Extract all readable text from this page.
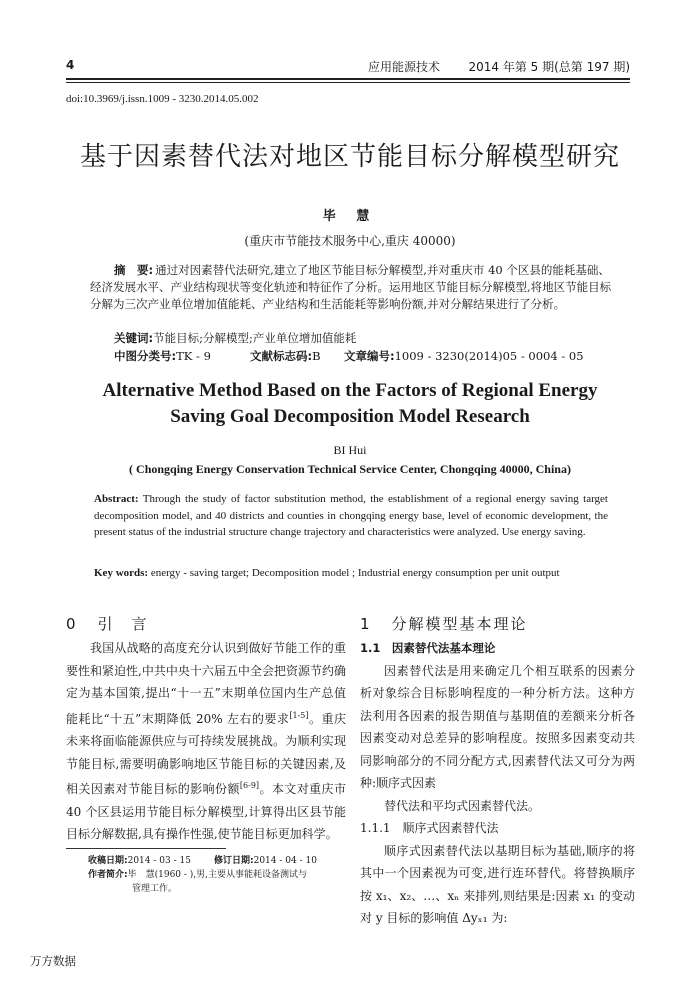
4	应用能源技术 2014 年第 5 期(总第 197 期)
doi:10.3969/j.issn.1009 - 3230.2014.05.002
基于因素替代法对地区节能目标分解模型研究
毕 慧
(重庆市节能技术服务中心,重庆 40000)
摘　要: 通过对因素替代法研究,建立了地区节能目标分解模型,并对重庆市 40 个区县的能耗基础、经济发展水平、产业结构现状等变化轨迹和特征作了分析。运用地区节能目标分解模型,将地区节能目标分解为三次产业单位增加值能耗、产业结构和生活能耗等影响份额,并对分解结果进行了分析。
关键词:节能目标;分解模型;产业单位增加值能耗
中图分类号:TK - 9	文献标志码:B 文章编号:1009 - 3230(2014)05 - 0004 - 05
Alternative Method Based on the Factors of Regional Energy
Saving Goal Decomposition Model Research
BI Hui
( Chongqing Energy Conservation Technical Service Center, Chongqing 40000, China)
Abstract: Through the study of factor substitution method, the establishment of a regional energy saving target decomposition model, and 40 districts and counties in chongqing energy base, level of economic development, the present status of the industrial structure change trajectory and characteristics were analyzed. Use energy saving.
Key words: energy - saving target; Decomposition model ; Industrial energy consumption per unit output
0 引　言

我国从战略的高度充分认识到做好节能工作的重要性和紧迫性,中共中央十六届五中全会把资源节约确定为基本国策,提出“十一五”末期单位国内生产总值能耗比“十五”末期降低 20% 左右的要求[1-5]。重庆未来将面临能源供应与可持续发展挑战。为顺利实现节能目标,需要明确影响地区节能目标的关键因素,及相关因素对节能目标的影响份额[6-9]。本文对重庆市 40 个区县运用节能目标分解模型,计算得出区县节能目标分解数据,具有操作性强,使节能目标更加科学。

1 分解模型基本理论
1.1　因素替代法基本理论

因素替代法是用来确定几个相互联系的因素分析对象综合目标影响程度的一种分析方法。这种方法利用各因素的报告期值与基期值的差额来分析各因素变动对总差异的影响程度。按照多因素变动共同影响部分的不同分配方式,因素替代法又可分为两种:顺序式因素

替代法和平均式因素替代法。

1.1.1　顺序式因素替代法

顺序式因素替代法以基期目标为基础,顺序的将其中一个因素视为可变,进行连环替代。将替换顺序按 x₁、x₂、…、xₙ 来排列,则结果是:因素 x₁ 的变动对 y 目标的影响值 Δyₓ₁ 为:

收稿日期:2014 - 03 - 15	修订日期:2014 - 04 - 10
作者简介:毕　慧(1960 - ),男,主要从事能耗设备测试与
管理工作。
万方数据
